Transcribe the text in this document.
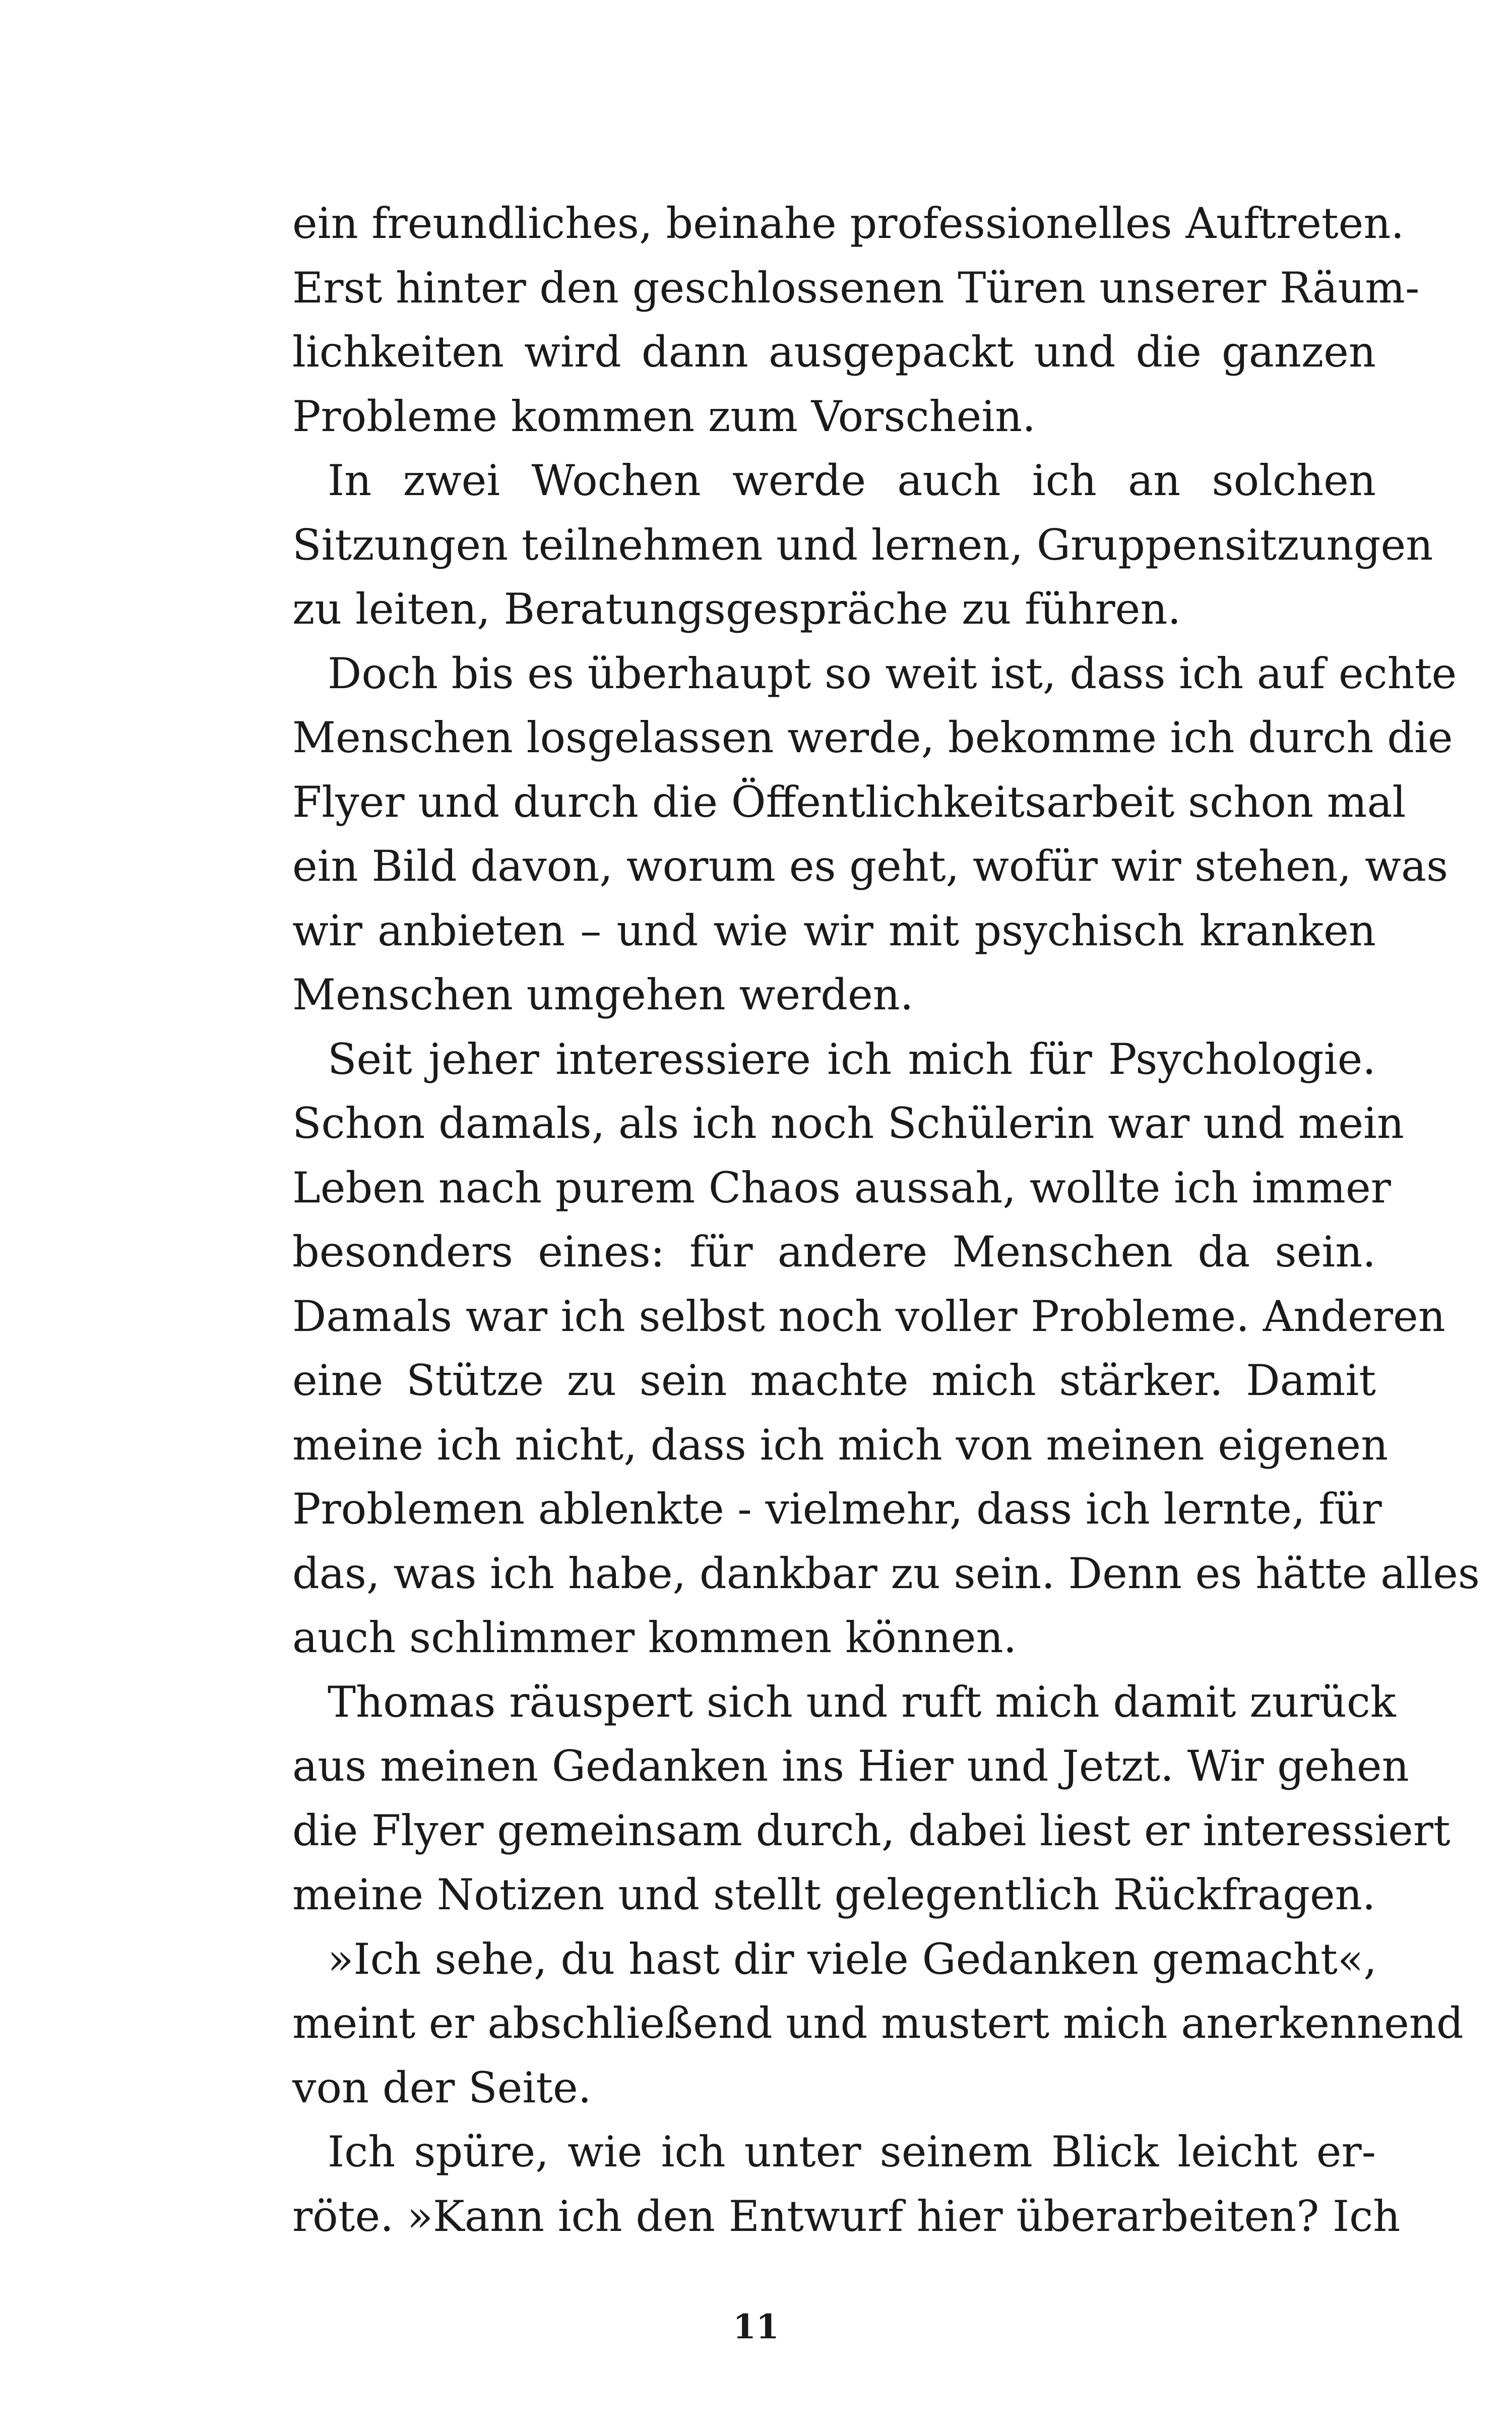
ein freundliches, beinahe professionelles Auftreten.
Erst hinter den geschlossenen Türen unserer Räum-
lichkeiten wird dann ausgepackt und die ganzen
Probleme kommen zum Vorschein.
In zwei Wochen werde auch ich an solchen
Sitzungen teilnehmen und lernen, Gruppensitzungen
zu leiten, Beratungsgespräche zu führen.
Doch bis es überhaupt so weit ist, dass ich auf echte
Menschen losgelassen werde, bekomme ich durch die
Flyer und durch die Öffentlichkeitsarbeit schon mal
ein Bild davon, worum es geht, wofür wir stehen, was
wir anbieten – und wie wir mit psychisch kranken
Menschen umgehen werden.
Seit jeher interessiere ich mich für Psychologie.
Schon damals, als ich noch Schülerin war und mein
Leben nach purem Chaos aussah, wollte ich immer
besonders eines: für andere Menschen da sein.
Damals war ich selbst noch voller Probleme. Anderen
eine Stütze zu sein machte mich stärker. Damit
meine ich nicht, dass ich mich von meinen eigenen
Problemen ablenkte - vielmehr, dass ich lernte, für
das, was ich habe, dankbar zu sein. Denn es hätte alles
auch schlimmer kommen können.
Thomas räuspert sich und ruft mich damit zurück
aus meinen Gedanken ins Hier und Jetzt. Wir gehen
die Flyer gemeinsam durch, dabei liest er interessiert
meine Notizen und stellt gelegentlich Rückfragen.
»Ich sehe, du hast dir viele Gedanken gemacht«,
meint er abschließend und mustert mich anerkennend
von der Seite.
Ich spüre, wie ich unter seinem Blick leicht er-
röte. »Kann ich den Entwurf hier überarbeiten? Ich
11
